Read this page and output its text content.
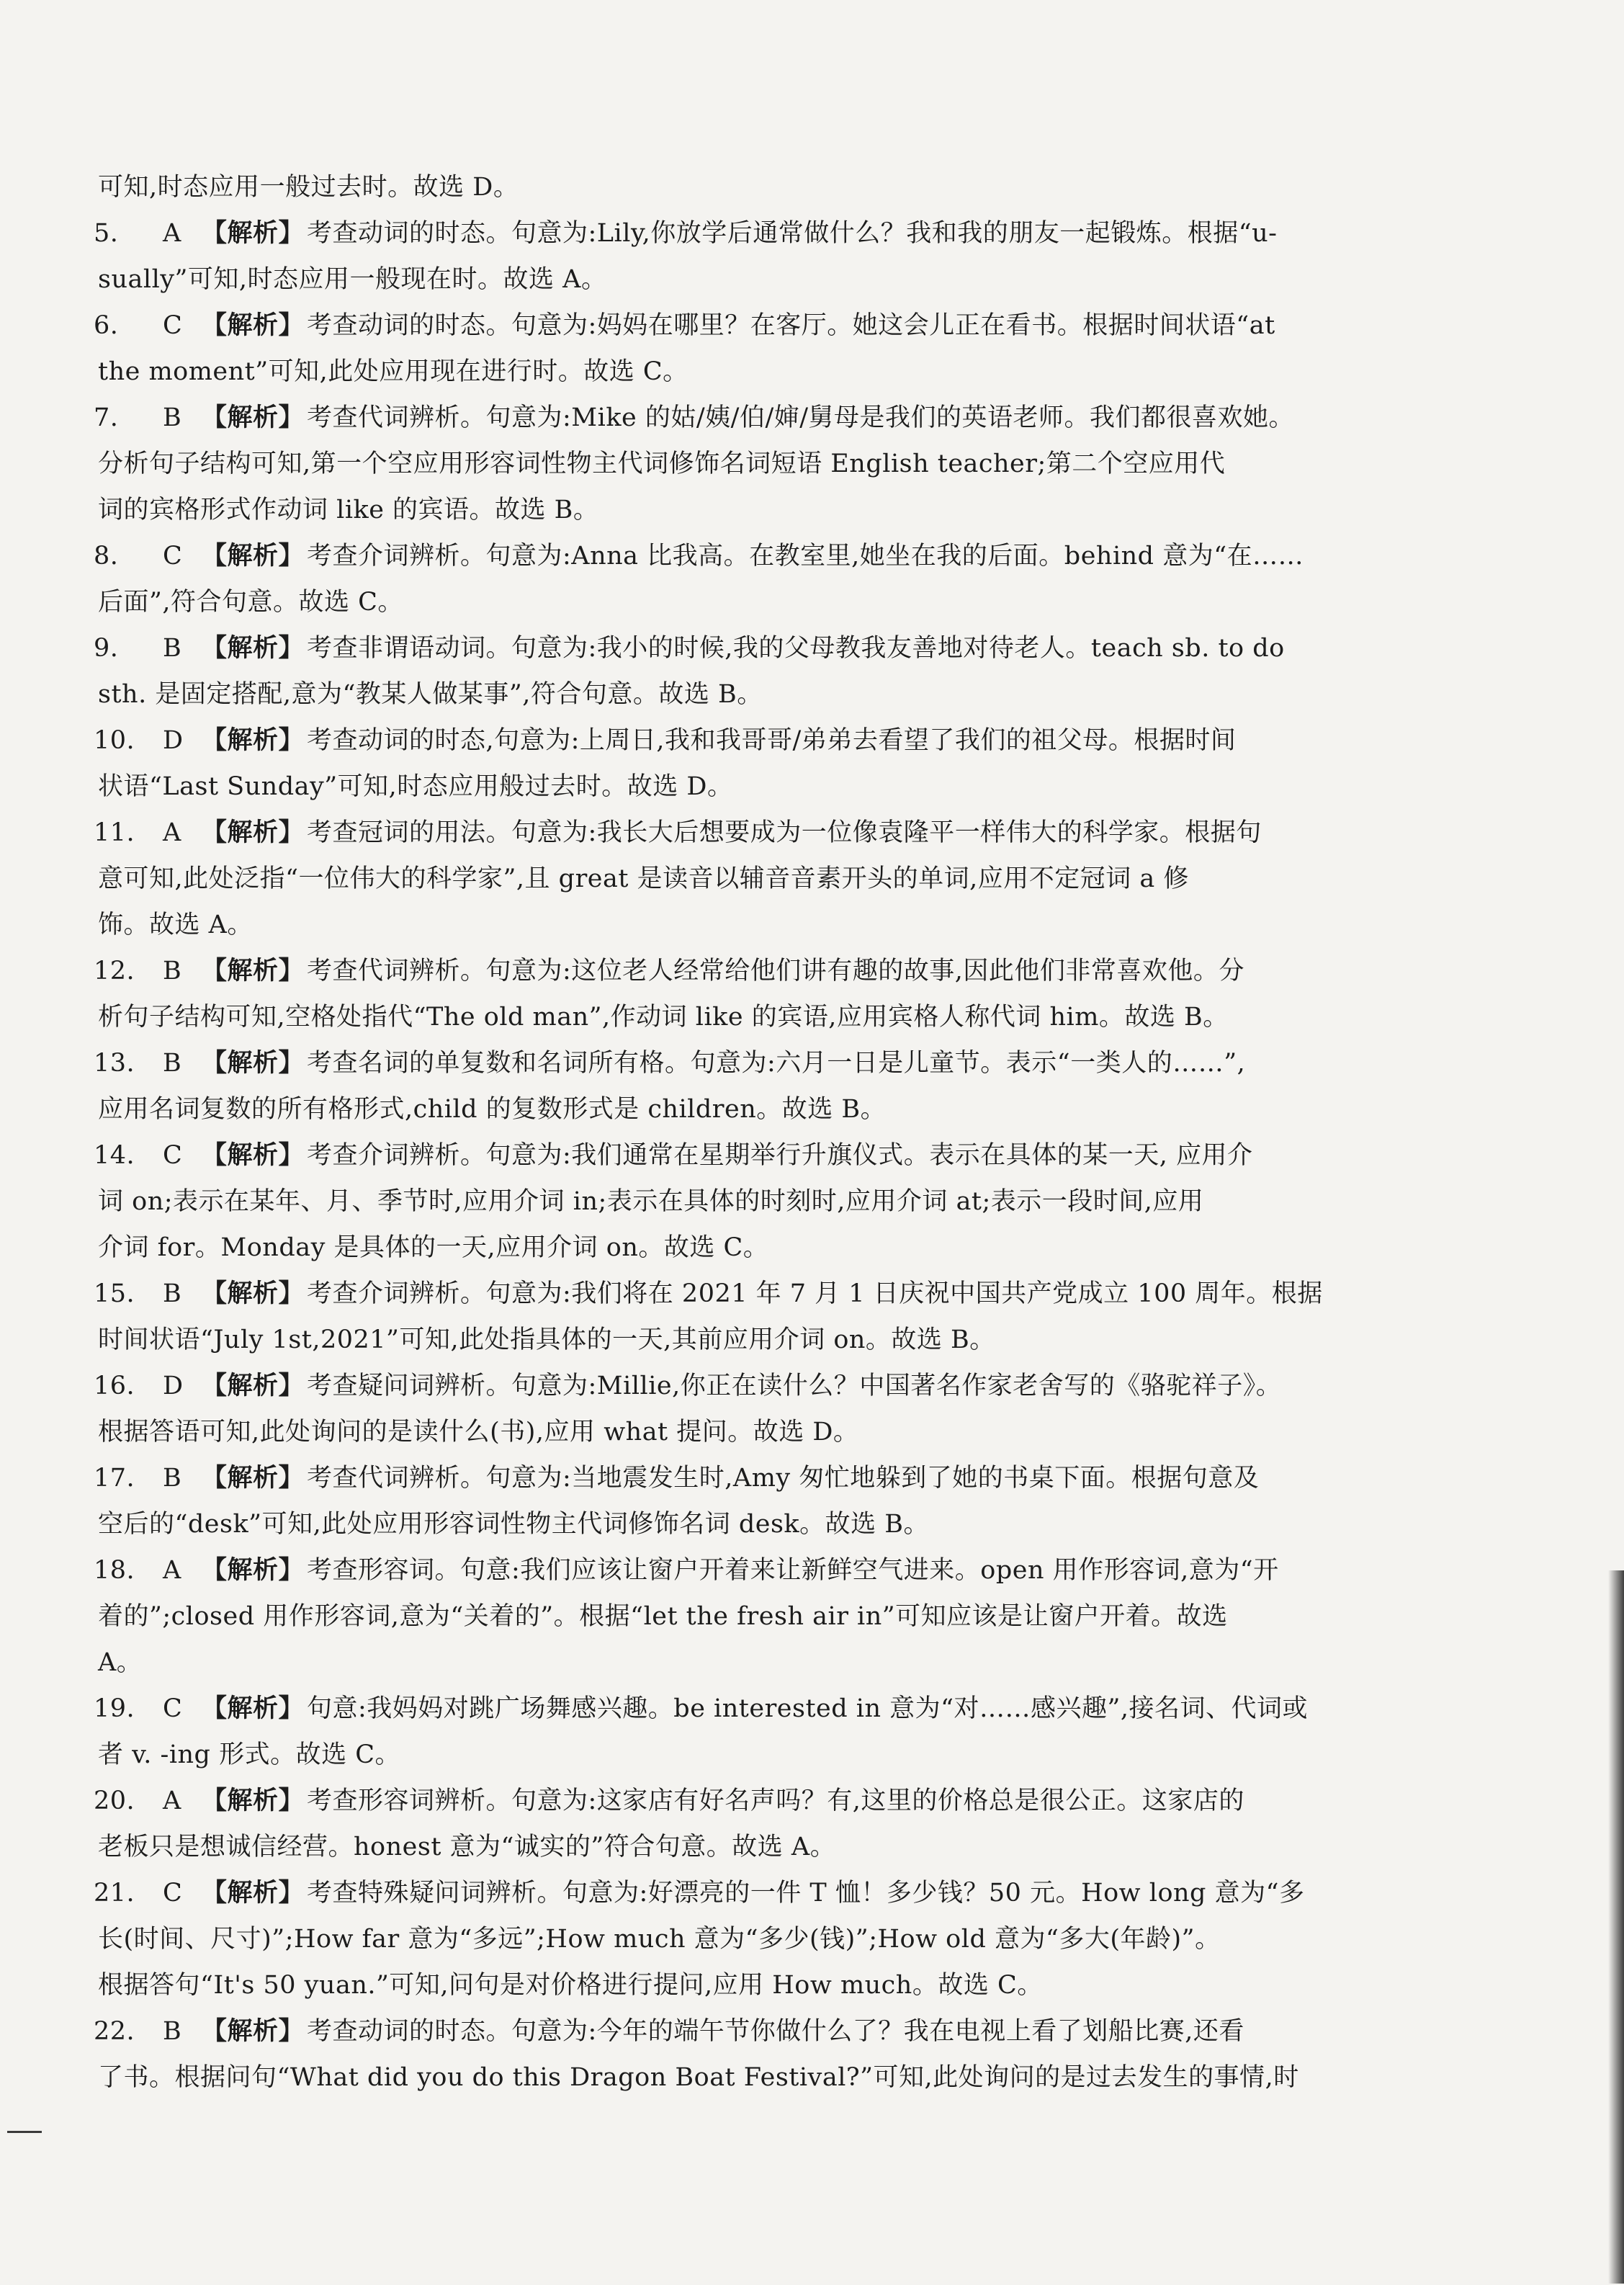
可知,时态应用一般过去时。故选 D。
5. A 【解析】 考查动词的时态。句意为:Lily,你放学后通常做什么？我和我的朋友一起锻炼。根据“u-
sually”可知,时态应用一般现在时。故选 A。
6. C 【解析】 考查动词的时态。句意为:妈妈在哪里？在客厅。她这会儿正在看书。根据时间状语“at
the moment”可知,此处应用现在进行时。故选 C。
7. B 【解析】 考查代词辨析。句意为:Mike 的姑/姨/伯/婶/舅母是我们的英语老师。我们都很喜欢她。
分析句子结构可知,第一个空应用形容词性物主代词修饰名词短语 English teacher;第二个空应用代
词的宾格形式作动词 like 的宾语。故选 B。
8. C 【解析】 考查介词辨析。句意为:Anna 比我高。在教室里,她坐在我的后面。behind 意为“在……
后面”,符合句意。故选 C。
9. B 【解析】 考查非谓语动词。句意为:我小的时候,我的父母教我友善地对待老人。teach sb. to do
sth. 是固定搭配,意为“教某人做某事”,符合句意。故选 B。
10. D 【解析】 考查动词的时态,句意为:上周日,我和我哥哥/弟弟去看望了我们的祖父母。根据时间
状语“Last Sunday”可知,时态应用般过去时。故选 D。
11. A 【解析】 考查冠词的用法。句意为:我长大后想要成为一位像袁隆平一样伟大的科学家。根据句
意可知,此处泛指“一位伟大的科学家”,且 great 是读音以辅音音素开头的单词,应用不定冠词 a 修
饰。故选 A。
12. B 【解析】 考查代词辨析。句意为:这位老人经常给他们讲有趣的故事,因此他们非常喜欢他。分
析句子结构可知,空格处指代“The old man”,作动词 like 的宾语,应用宾格人称代词 him。故选 B。
13. B 【解析】 考查名词的单复数和名词所有格。句意为:六月一日是儿童节。表示“一类人的……”,
应用名词复数的所有格形式,child 的复数形式是 children。故选 B。
14. C 【解析】 考查介词辨析。句意为:我们通常在星期举行升旗仪式。表示在具体的某一天, 应用介
词 on;表示在某年、月、季节时,应用介词 in;表示在具体的时刻时,应用介词 at;表示一段时间,应用
介词 for。Monday 是具体的一天,应用介词 on。故选 C。
15. B 【解析】 考查介词辨析。句意为:我们将在 2021 年 7 月 1 日庆祝中国共产党成立 100 周年。根据
时间状语“July 1st,2021”可知,此处指具体的一天,其前应用介词 on。故选 B。
16. D 【解析】 考查疑问词辨析。句意为:Millie,你正在读什么？中国著名作家老舍写的《骆驼祥子》。
根据答语可知,此处询问的是读什么(书),应用 what 提问。故选 D。
17. B 【解析】 考查代词辨析。句意为:当地震发生时,Amy 匆忙地躲到了她的书桌下面。根据句意及
空后的“desk”可知,此处应用形容词性物主代词修饰名词 desk。故选 B。
18. A 【解析】 考查形容词。句意:我们应该让窗户开着来让新鲜空气进来。open 用作形容词,意为“开
着的”;closed 用作形容词,意为“关着的”。根据“let the fresh air in”可知应该是让窗户开着。故选
A。
19. C 【解析】 句意:我妈妈对跳广场舞感兴趣。be interested in 意为“对……感兴趣”,接名词、代词或
者 v. -ing 形式。故选 C。
20. A 【解析】 考查形容词辨析。句意为:这家店有好名声吗？有,这里的价格总是很公正。这家店的
老板只是想诚信经营。honest 意为“诚实的”符合句意。故选 A。
21. C 【解析】 考查特殊疑问词辨析。句意为:好漂亮的一件 T 恤！多少钱？50 元。How long 意为“多
长(时间、尺寸)”;How far 意为“多远”;How much 意为“多少(钱)”;How old 意为“多大(年龄)”。
根据答句“It's 50 yuan.”可知,问句是对价格进行提问,应用 How much。故选 C。
22. B 【解析】 考查动词的时态。句意为:今年的端午节你做什么了？我在电视上看了划船比赛,还看
了书。根据问句“What did you do this Dragon Boat Festival?”可知,此处询问的是过去发生的事情,时
